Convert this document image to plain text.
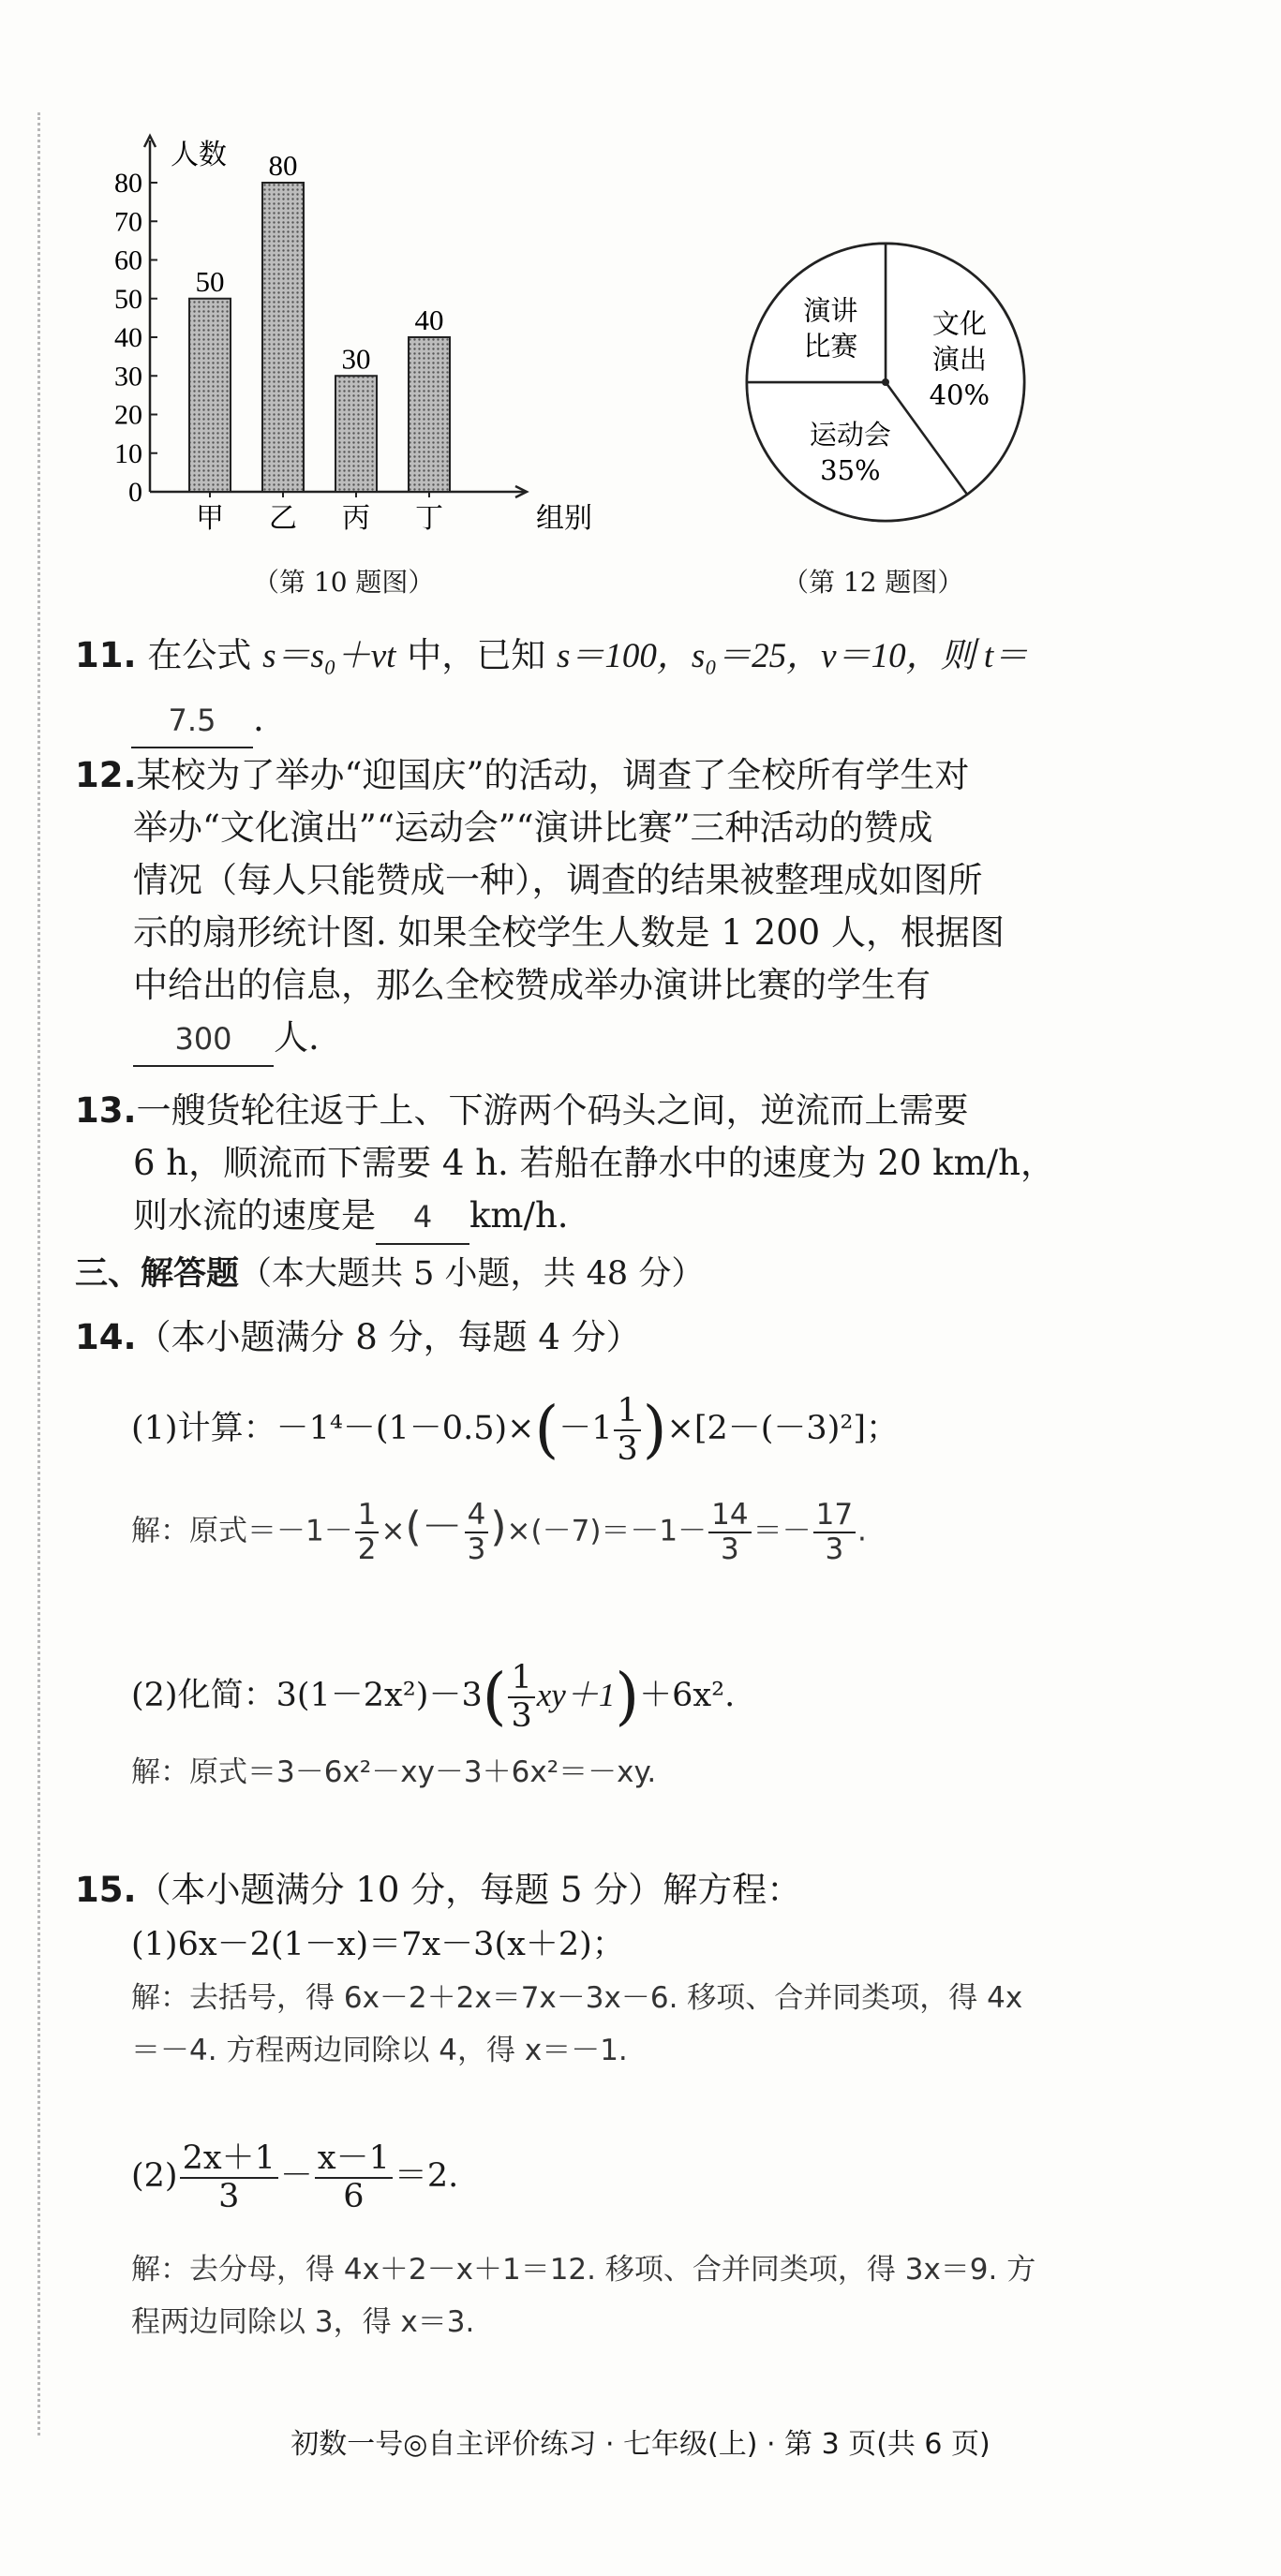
0
10
20
30
40
50
60
70
80
人数
50
甲
80
乙
30
丙
40
丁	组别
（第 10 题图）
文化
演出
40%
运动会
35%
演讲
比赛
（第 12 题图）
11. 在公式 s＝s₀＋vt 中，已知 s＝100，s₀＝25，v＝10，则 t＝
7.5 .
12.某校为了举办“迎国庆”的活动，调查了全校所有学生对
举办“文化演出”“运动会”“演讲比赛”三种活动的赞成
情况（每人只能赞成一种），调查的结果被整理成如图所
示的扇形统计图. 如果全校学生人数是 1 200 人，根据图
中给出的信息，那么全校赞成举办演讲比赛的学生有
300 人.
13.一艘货轮往返于上、下游两个码头之间，逆流而上需要
6 h，顺流而下需要 4 h. 若船在静水中的速度为 20 km/h，
则水流的速度是 4 km/h.
三、解答题（本大题共 5 小题，共 48 分）
14.（本小题满分 8 分，每题 4 分）
(1)计算：$-1^4-(1-0.5)\times(-1 \frac{1}{3} )\times[2-(-3)^2]$；
解：原式$=-1- \frac{1}{2}$ ×(－ $\frac{4}{3} )\times(-7)=-1- \frac{14}{3} =- \frac{17}{3}$ .
(2)化简：$3(1-2x^2)-3( \frac{1}{3} xy+1)+6x^2$.
解：原式＝3－6x²－xy－3＋6x²＝－xy.
15.（本小题满分 10 分，每题 5 分）解方程：
(1)6x－2(1－x)＝7x－3(x＋2)；
解：去括号，得 6x－2＋2x＝7x－3x－6. 移项、合并同类项，得 4x
＝－4. 方程两边同除以 4，得 x＝－1.
$(2) \frac{2x+1}{3} - \frac{x-1}{6} =2$.
解：去分母，得 4x＋2－x＋1＝12. 移项、合并同类项，得 3x＝9. 方
程两边同除以 3，得 x＝3.
初数一号◎自主评价练习 · 七年级(上) · 第 3 页(共 6 页)
